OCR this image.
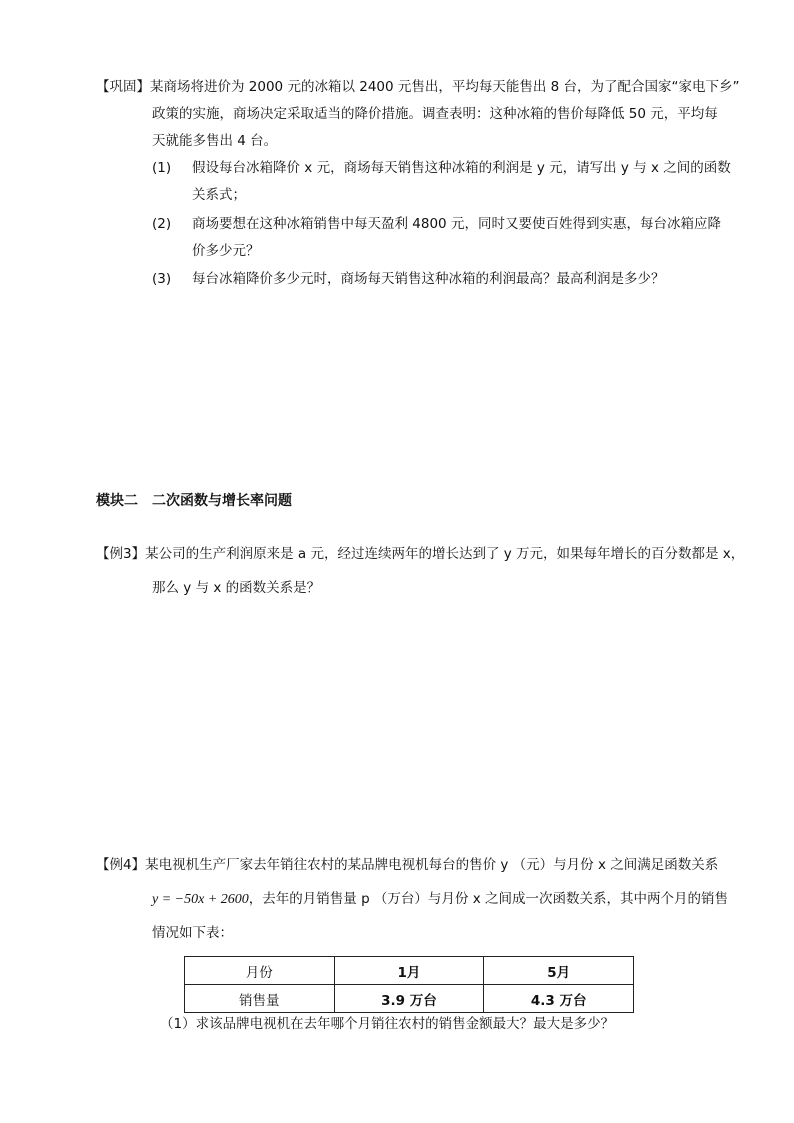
【巩固】某商场将进价为 2000 元的冰箱以 2400 元售出，平均每天能售出 8 台，为了配合国家“家电下乡”
政策的实施，商场决定采取适当的降价措施。调查表明：这种冰箱的售价每降低 50 元，平均每
天就能多售出 4 台。
(1) 假设每台冰箱降价 x 元，商场每天销售这种冰箱的利润是 y 元，请写出 y 与 x 之间的函数
关系式；
(2) 商场要想在这种冰箱销售中每天盈利 4800 元，同时又要使百姓得到实惠，每台冰箱应降
价多少元？
(3) 每台冰箱降价多少元时，商场每天销售这种冰箱的利润最高？最高利润是多少？
模块二　二次函数与增长率问题
【例3】某公司的生产利润原来是 a 元，经过连续两年的增长达到了 y 万元，如果每年增长的百分数都是 x，
那么 y 与 x 的函数关系是？
【例4】某电视机生产厂家去年销往农村的某品牌电视机每台的售价 y （元）与月份 x 之间满足函数关系
y = −50x + 2600，去年的月销售量 p （万台）与月份 x 之间成一次函数关系，其中两个月的销售
情况如下表：
月份	1月	5月
销售量	3.9 万台	4.3 万台
（1）求该品牌电视机在去年哪个月销往农村的销售金额最大？最大是多少？
